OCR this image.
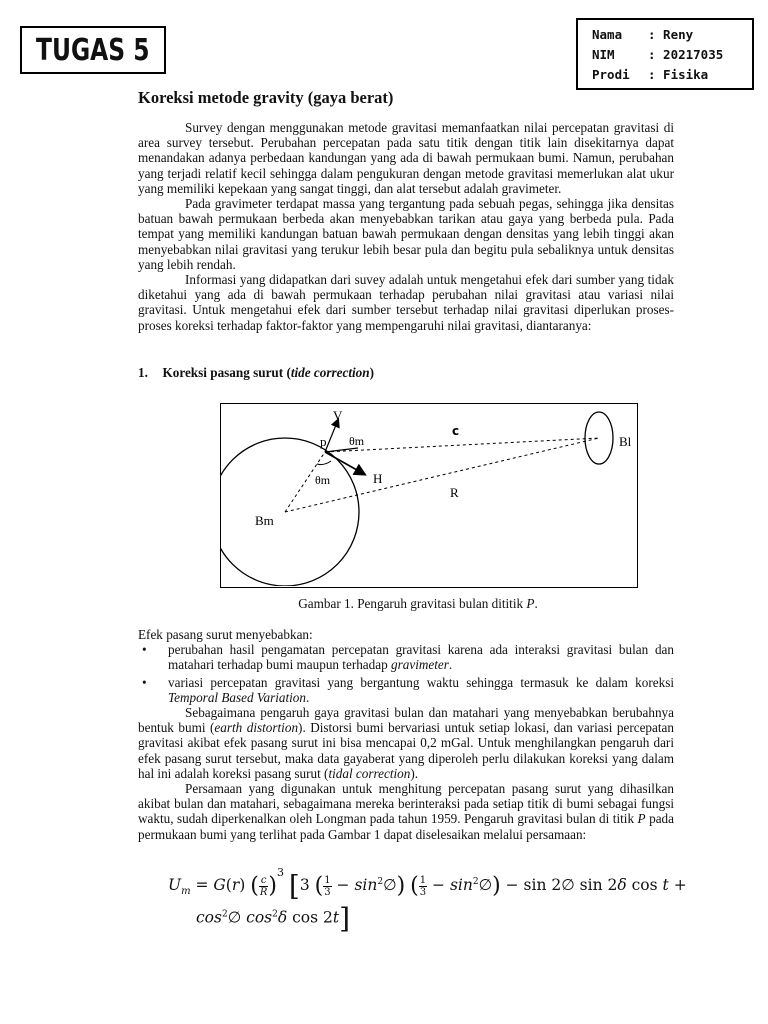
TUGAS 5	Nama : Reny
NIM	: 20217035
Prodi : Fisika
Koreksi metode gravity (gaya berat)

Survey dengan menggunakan metode gravitasi memanfaatkan nilai percepatan gravitasi di area survey tersebut. Perubahan percepatan pada satu titik dengan titik lain disekitarnya dapat menandakan adanya perbedaan kandungan yang ada di bawah permukaan bumi. Namun, perubahan yang terjadi relatif kecil sehingga dalam pengukuran dengan metode gravitasi memerlukan alat ukur yang memiliki kepekaan yang sangat tinggi, dan alat tersebut adalah gravimeter.

Pada gravimeter terdapat massa yang tergantung pada sebuah pegas, sehingga jika densitas batuan bawah permukaan berbeda akan menyebabkan tarikan atau gaya yang berbeda pula. Pada tempat yang memiliki kandungan batuan bawah permukaan dengan densitas yang lebih tinggi akan menyebabkan nilai gravitasi yang terukur lebih besar pula dan begitu pula sebaliknya untuk densitas yang lebih rendah.

Informasi yang didapatkan dari suvey adalah untuk mengetahui efek dari sumber yang tidak diketahui yang ada di bawah permukaan terhadap perubahan nilai gravitasi atau variasi nilai gravitasi. Untuk mengetahui efek dari sumber tersebut terhadap nilai gravitasi diperlukan proses-proses koreksi terhadap faktor-faktor yang mempengaruhi nilai gravitasi, diantaranya:

1. Koreksi pasang surut (tide correction)
V
p θm
c
Bl
θm	H
R
Bm
Gambar 1. Pengaruh gravitasi bulan dititik P.
Efek pasang surut menyebabkan:
• perubahan hasil pengamatan percepatan gravitasi karena ada interaksi gravitasi bulan dan matahari terhadap bumi maupun terhadap gravimeter.
• variasi percepatan gravitasi yang bergantung waktu sehingga termasuk ke dalam koreksi Temporal Based Variation.

Sebagaimana pengaruh gaya gravitasi bulan dan matahari yang menyebabkan berubahnya bentuk bumi (earth distortion). Distorsi bumi bervariasi untuk setiap lokasi, dan variasi percepatan gravitasi akibat efek pasang surut ini bisa mencapai 0,2 mGal. Untuk menghilangkan pengaruh dari efek pasang surut tersebut, maka data gayaberat yang diperoleh perlu dilakukan koreksi yang dalam hal ini adalah koreksi pasang surut (tidal correction).

Persamaan yang digunakan untuk menghitung percepatan pasang surut yang dihasilkan akibat bulan dan matahari, sebagaimana mereka berinteraksi pada setiap titik di bumi sebagai fungsi waktu, sudah diperkenalkan oleh Longman pada tahun 1959. Pengaruh gravitasi bulan di titik P pada permukaan bumi yang terlihat pada Gambar 1 dapat diselesaikan melalui persamaan:

$U_m = G(r)$ ( $\frac{c}{R} )^3$ [3 ( $\frac{1}{3}$ − $\sin^2\emptyset$) ( $\frac{1}{3}$ − $\sin^2\emptyset) - \sin$ 2∅ sin 2δ cos t +
$\cos^2\emptyset$ $\cos^2\delta$ cos 2t]
